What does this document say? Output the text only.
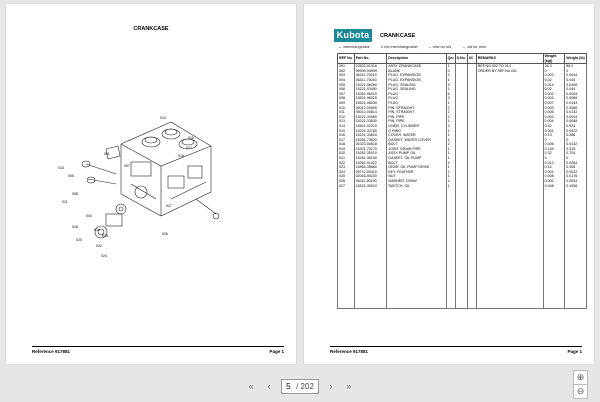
CRANKCASE
Reference 917881	Page 1
001
004
005
007
008
011
013
014
015
016
017
018
019
020
022
024
025	026
027
Kubota	CRANKCASE
↔ interchangeable , ≠ not interchangeable, → new for old , ← old for new
REF No	Part No.	Description	Q/u	S.No.	I/C	REMARKS	Weight (kgf)	Weight (lb)
001	15532-01016	ASSY CRANKCASE	1			REF.NO.002 TO 014	26.3	58.2
002	99999-99999	BLANK	0			ORDER BY REF.No.001	0	0
003	06311-75015	PLUG, EXPANSION	3				0.002	0.0044
004	06311-75040	PLUG, EXPANSION	1				0.02	0.044
005	15221-96260	PLUG, SEALING	3				0.014	0.0308
006	15221-03490	PLUG, SEALING	1				0.02	0.044
007	15261-96010	PLUG	6				0.002	0.0044
008	15521-96020	PLUG	3				0.003	0.0066
009	15521-96030	PLUG	1				0.007	0.0154
010	05012-00605	PIN, STRAIGHT	2				0.003	0.0066
011	05012-00814	PIN, STRAIGHT	2				0.006	0.0132
012	15221-33960	PIN, PIPE	2				0.002	0.0044
013	15221-33830	PIN, PIPE	1				0.004	0.0088
014	15521-02310	LINER, CYLINDER	3				0.42	0.924
015	15221-33780	O RING	1				0.001	0.0022
016	15221-33610	COVER, WATER	1				0.13	0.286
017	15261-73620	GASKET, WATER COVER	1				0	0
018	01023-50618	BOLT	2				0.006	0.0132
019	15321-73170	JOINT, DRAIN PIPE	1				0.145	0.319
020	15261-35010	ASSY PUMP OIL	1				0.32	0.704
021	15261-35150	GASKET, OIL PUMP	1				0	0
022	15261-91022	BOLT	4				0.012	0.0264
023	15954-35660	GEAR, OIL PUMP DRIVE	1				0.14	0.308
024	05712-00410	KEY, FEATHER	1				0.001	0.0022
025	02016-50100	NUT	1				0.008	0.0176
026	04011-50100	WASHER, CRAW	1				0.002	0.0044
027	15521-39010	SWITCH, OIL	1				0.048	0.1056

Reference 917881	Page 1
«	‹
5	/ 202	›	»
⊕
⊖
